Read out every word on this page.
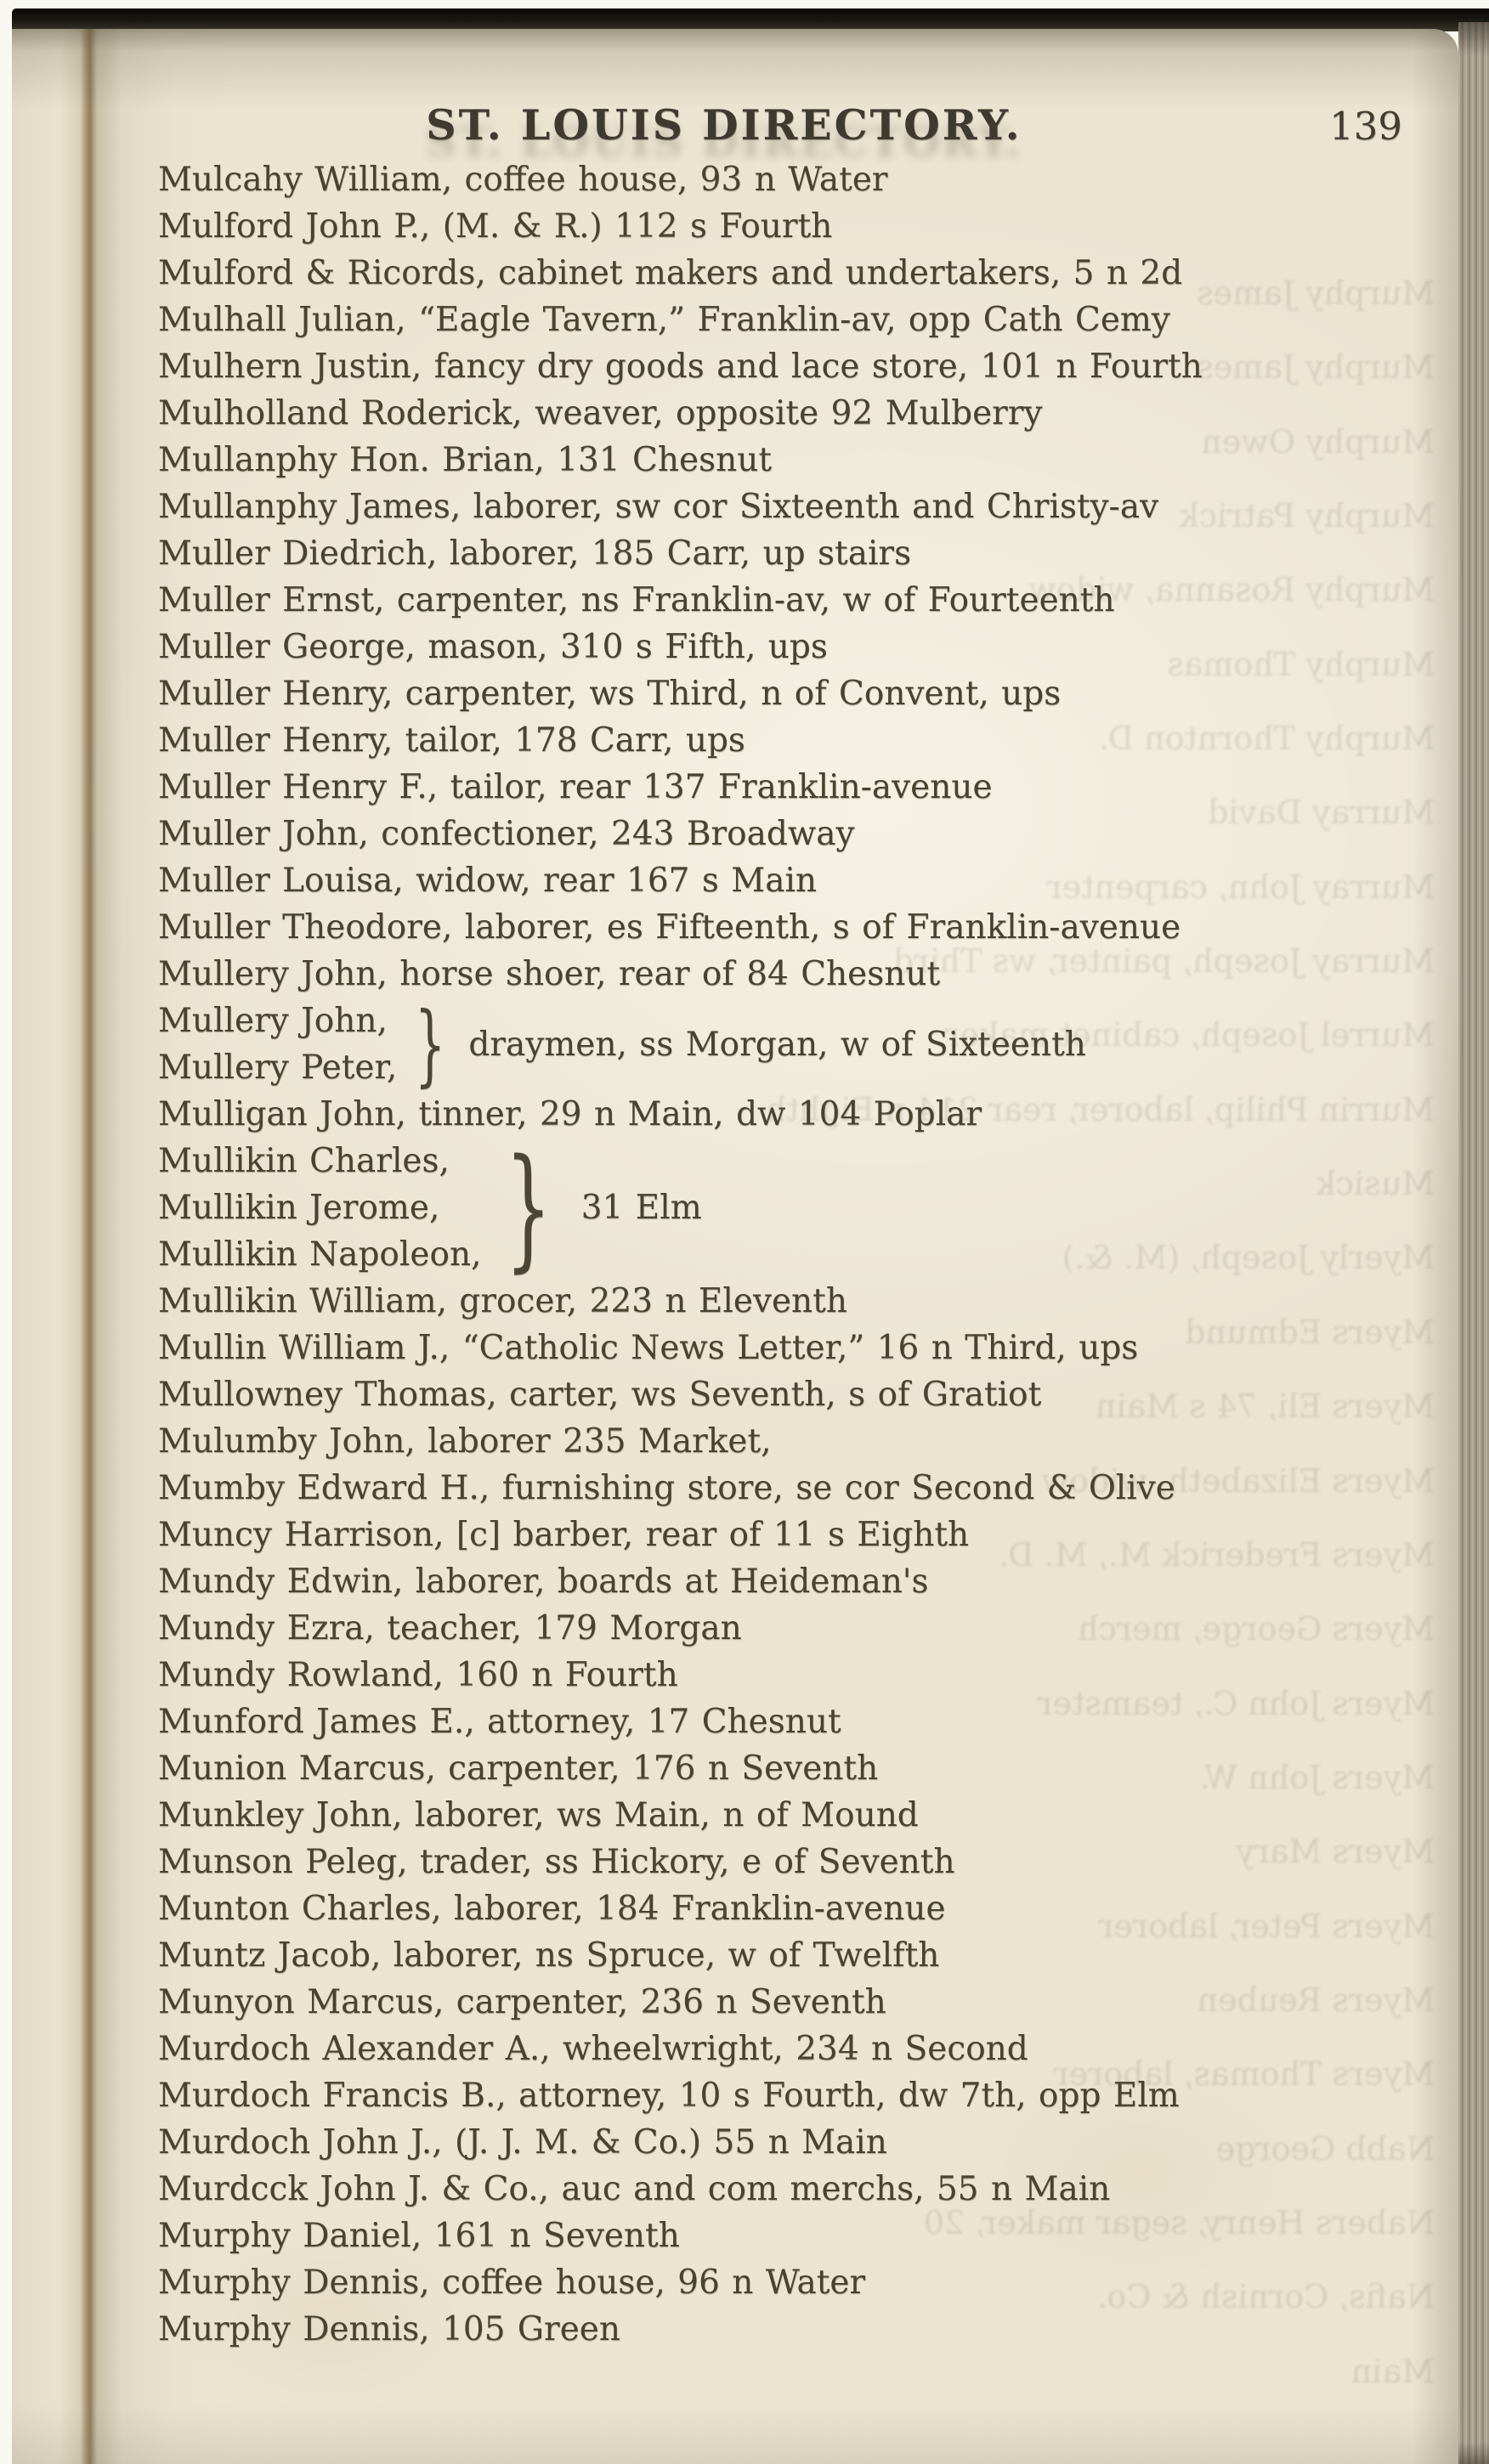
Murphy James
Murphy James
Murphy Owen
Murphy Patrick
Murphy Rosanna, widow
Murphy Thomas
Murphy Thornton D.
Murray David
Murray John, carpenter
Murray Joseph, painter, ws Third
Murrel Joseph, cabinet maker
Murrin Philip, laborer, rear 214 n Eighth
Musick
Myerly Joseph, (M. &.)
Myers Edmund
Myers Eli, 74 s Main
Myers Elizabeth, widow
Myers Frederick M., M. D.
Myers George, merch
Myers John C., teamster
Myers John W.
Myers Mary
Myers Peter, laborer
Myers Reuben
Myers Thomas, laborer
Nabb George
Nabers Henry, segar maker, 20
Nafis, Cornish & Co.
Main
ST. LOUIS DIRECTORY.	139
Mulcahy William, coffee house, 93 n Water
Mulford John P., (M. & R.) 112 s Fourth
Mulford & Ricords, cabinet makers and undertakers, 5 n 2d
Mulhall Julian, “Eagle Tavern,” Franklin-av, opp Cath Cemy
Mulhern Justin, fancy dry goods and lace store, 101 n Fourth
Mulholland Roderick, weaver, opposite 92 Mulberry
Mullanphy Hon. Brian, 131 Chesnut
Mullanphy James, laborer, sw cor Sixteenth and Christy-av
Muller Diedrich, laborer, 185 Carr, up stairs
Muller Ernst, carpenter, ns Franklin-av, w of Fourteenth
Muller George, mason, 310 s Fifth, ups
Muller Henry, carpenter, ws Third, n of Convent, ups
Muller Henry, tailor, 178 Carr, ups
Muller Henry F., tailor, rear 137 Franklin-avenue
Muller John, confectioner, 243 Broadway
Muller Louisa, widow, rear 167 s Main
Muller Theodore, laborer, es Fifteenth, s of Franklin-avenue
Mullery John, horse shoer, rear of 84 Chesnut
Mullery John,
Mullery Peter, } draymen, ss Morgan, w of Sixteenth
Mulligan John, tinner, 29 n Main, dw 104 Poplar
Mullikin Charles,
Mullikin Jerome,
Mullikin Napoleon, } 31 Elm
Mullikin William, grocer, 223 n Eleventh
Mullin William J., “Catholic News Letter,” 16 n Third, ups
Mullowney Thomas, carter, ws Seventh, s of Gratiot
Mulumby John, laborer 235 Market,
Mumby Edward H., furnishing store, se cor Second & Olive
Muncy Harrison, [c] barber, rear of 11 s Eighth
Mundy Edwin, laborer, boards at Heideman's
Mundy Ezra, teacher, 179 Morgan
Mundy Rowland, 160 n Fourth
Munford James E., attorney, 17 Chesnut
Munion Marcus, carpenter, 176 n Seventh
Munkley John, laborer, ws Main, n of Mound
Munson Peleg, trader, ss Hickory, e of Seventh
Munton Charles, laborer, 184 Franklin-avenue
Muntz Jacob, laborer, ns Spruce, w of Twelfth
Munyon Marcus, carpenter, 236 n Seventh
Murdoch Alexander A., wheelwright, 234 n Second
Murdoch Francis B., attorney, 10 s Fourth, dw 7th, opp Elm
Murdoch John J., (J. J. M. & Co.) 55 n Main
Murdcck John J. & Co., auc and com merchs, 55 n Main
Murphy Daniel, 161 n Seventh
Murphy Dennis, coffee house, 96 n Water
Murphy Dennis, 105 Green
